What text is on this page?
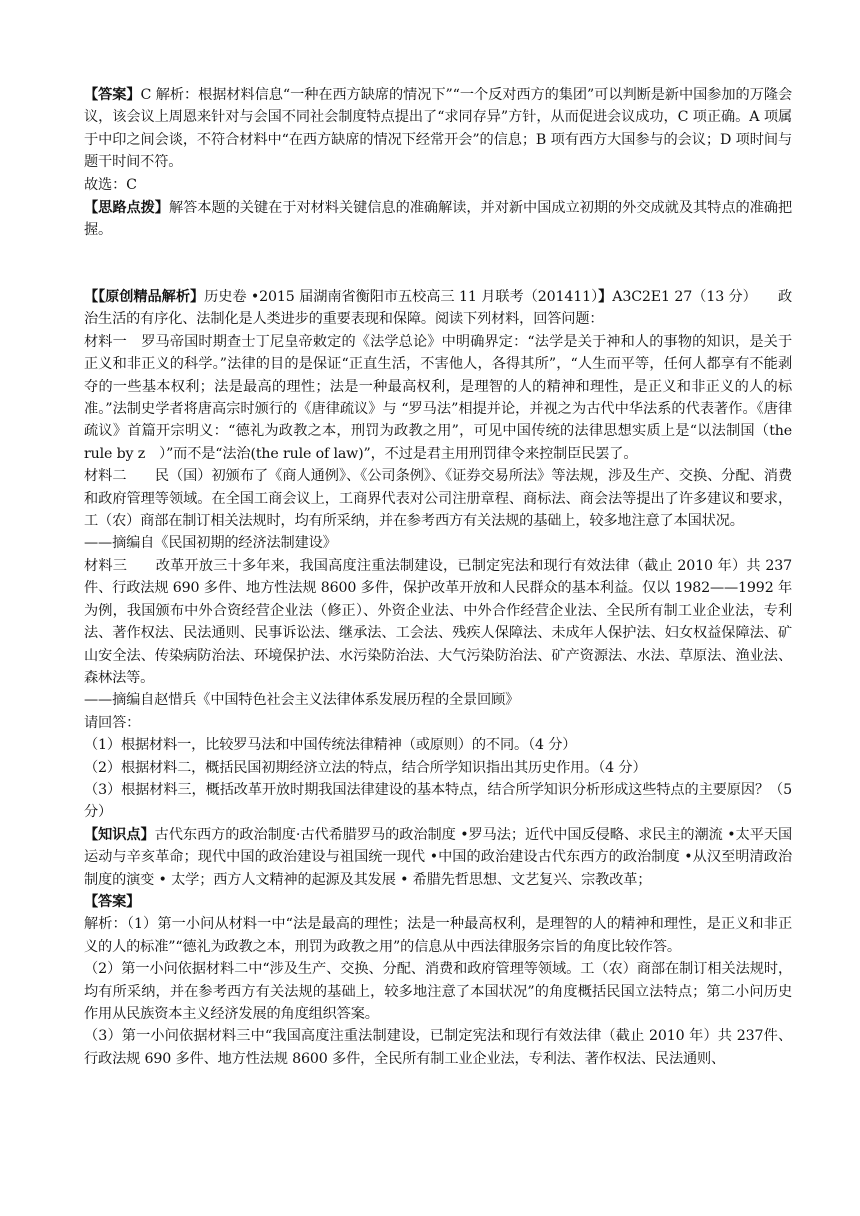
【答案】C 解析：根据材料信息“一种在西方缺席的情况下”“一个反对西方的集团”可以判断是新中国参加的万隆会议，该会议上周恩来针对与会国不同社会制度特点提出了“求同存异”方针，从而促进会议成功，C 项正确。A 项属于中印之间会谈，不符合材料中“在西方缺席的情况下经常开会”的信息；B 项有西方大国参与的会议；D 项时间与题干时间不符。

故选：C

【思路点拨】解答本题的关键在于对材料关键信息的准确解读，并对新中国成立初期的外交成就及其特点的准确把握。

【【原创精品解析】历史卷 •2015 届湖南省衡阳市五校高三 11 月联考（201411）】A3C2E1 27（13 分）　　政治生活的有序化、法制化是人类进步的重要表现和保障。阅读下列材料，回答问题：
材料一　罗马帝国时期查士丁尼皇帝敕定的《法学总论》中明确界定：“法学是关于神和人的事物的知识，是关于正义和非正义的科学。”法律的目的是保证“正直生活，不害他人，各得其所”，“人生而平等，任何人都享有不能剥夺的一些基本权利；法是最高的理性；法是一种最高权利，是理智的人的精神和理性，是正义和非正义的人的标准。”法制史学者将唐高宗时颁行的《唐律疏议》与 “罗马法”相提并论，并视之为古代中华法系的代表著作。《唐律疏议》首篇开宗明义：“德礼为政教之本，刑罚为政教之用”，可见中国传统的法律思想实质上是“以法制国（the　rule by z　）”而不是“法治(the rule of law)”，不过是君主用刑罚律令来控制臣民罢了。
材料二　　民（国）初颁布了《商人通例》、《公司条例》、《证券交易所法》等法规，涉及生产、交换、分配、消费和政府管理等领域。在全国工商会议上，工商界代表对公司注册章程、商标法、商会法等提出了许多建议和要求，工（农）商部在制订相关法规时，均有所采纳，并在参考西方有关法规的基础上，较多地注意了本国状况。
——摘编自《民国初期的经济法制建设》
材料三　　改革开放三十多年来，我国高度注重法制建设，已制定宪法和现行有效法律（截止 2010 年）共 237 件、行政法规 690 多件、地方性法规 8600 多件，保护改革开放和人民群众的基本利益。仅以 1982——1992 年为例，我国颁布中外合资经营企业法（修正）、外资企业法、中外合作经营企业法、全民所有制工业企业法，专利法、著作权法、民法通则、民事诉讼法、继承法、工会法、残疾人保障法、未成年人保护法、妇女权益保障法、矿山安全法、传染病防治法、环境保护法、水污染防治法、大气污染防治法、矿产资源法、水法、草原法、渔业法、森林法等。
——摘编自赵惜兵《中国特色社会主义法律体系发展历程的全景回顾》
请回答：
（1）根据材料一，比较罗马法和中国传统法律精神（或原则）的不同。（4 分）
（2）根据材料二，概括民国初期经济立法的特点，结合所学知识指出其历史作用。（4 分）
（3）根据材料三，概括改革开放时期我国法律建设的基本特点，结合所学知识分析形成这些特点的主要原因？（5 分）
【知识点】古代东西方的政治制度·古代希腊罗马的政治制度 •罗马法；近代中国反侵略、求民主的潮流 •太平天国运动与辛亥革命；现代中国的政治建设与祖国统一现代 •中国的政治建设古代东西方的政治制度 •从汉至明清政治制度的演变 • 太学；西方人文精神的起源及其发展 • 希腊先哲思想、文艺复兴、宗教改革；
【答案】
解析：（1）第一小问从材料一中“法是最高的理性；法是一种最高权利，是理智的人的精神和理性，是正义和非正义的人的标准”“德礼为政教之本，刑罚为政教之用”的信息从中西法律服务宗旨的角度比较作答。
（2）第一小问依据材料二中“涉及生产、交换、分配、消费和政府管理等领域。工（农）商部在制订相关法规时，均有所采纳，并在参考西方有关法规的基础上，较多地注意了本国状况”的角度概括民国立法特点；第二小问历史作用从民族资本主义经济发展的角度组织答案。
（3）第一小问依据材料三中“我国高度注重法制建设，已制定宪法和现行有效法律（截止 2010 年）共 237件、行政法规 690 多件、地方性法规 8600 多件，全民所有制工业企业法，专利法、著作权法、民法通则、
